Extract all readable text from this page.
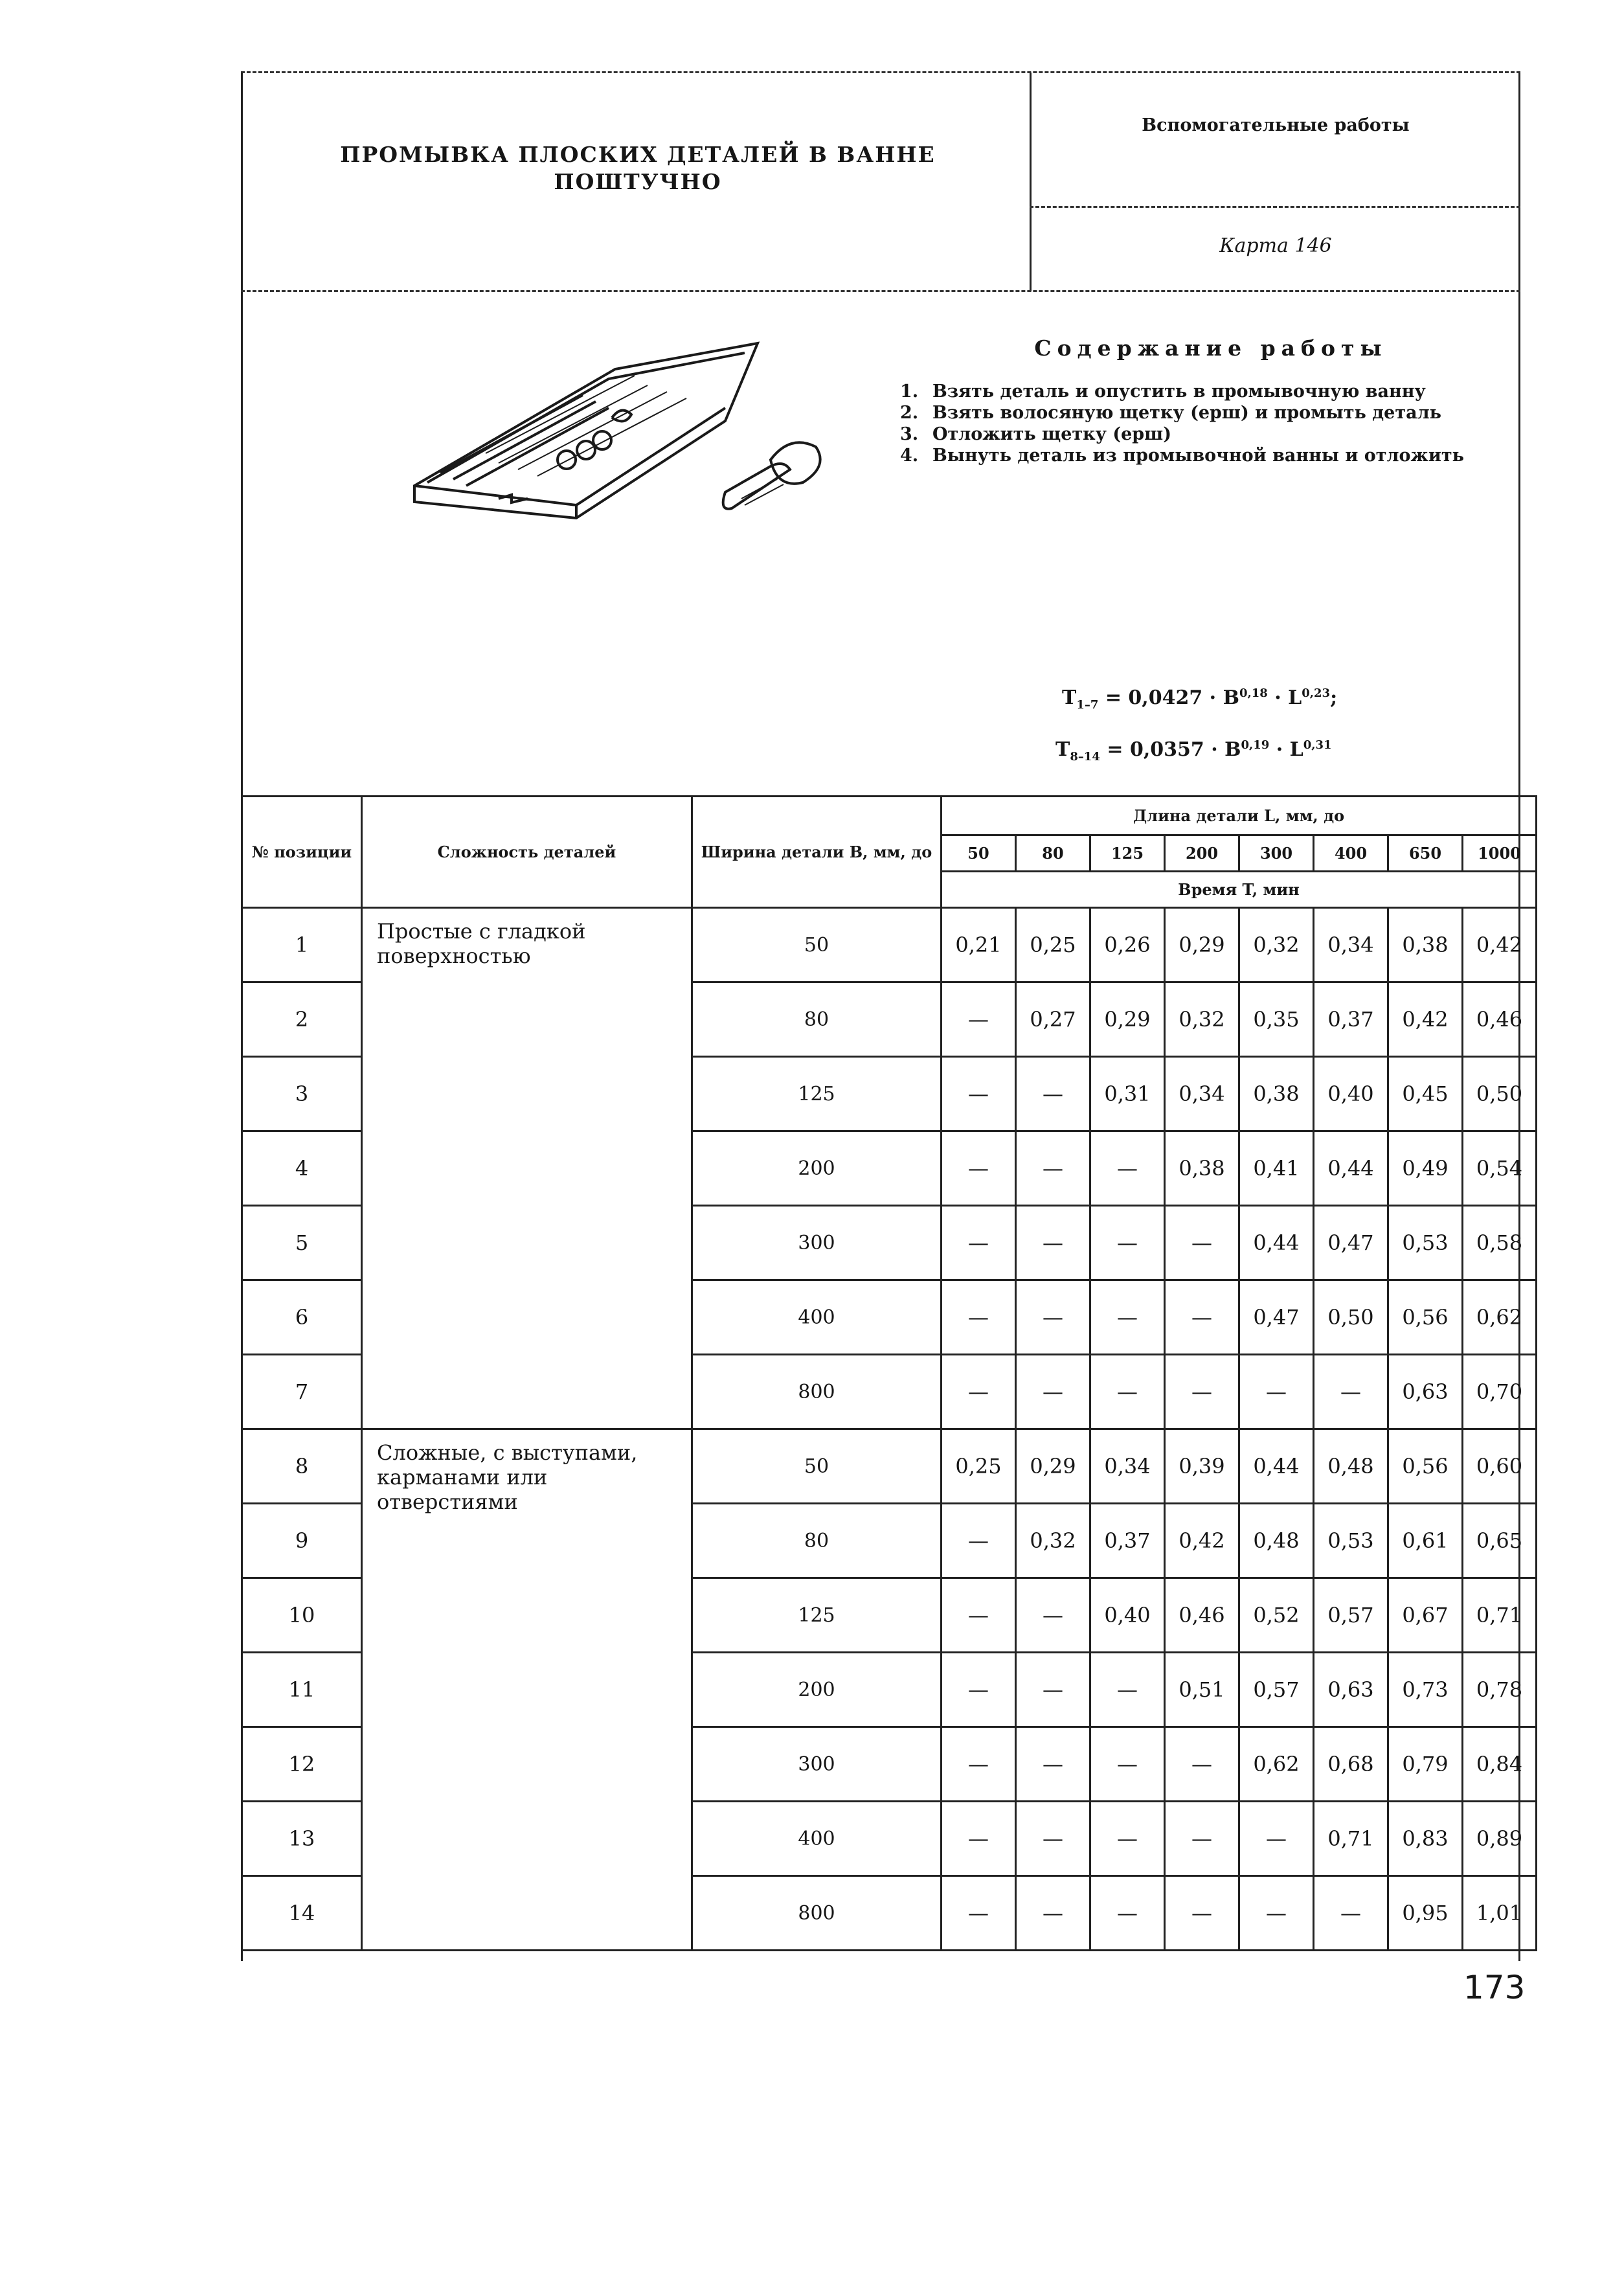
ПРОМЫВКА ПЛОСКИХ ДЕТАЛЕЙ В ВАННЕ ПОШТУЧНО
Вспомогательные работы
Карта 146
Содержание работы
1. Взять деталь и опустить в промывочную ванну
2. Взять волосяную щетку (ерш) и промыть деталь
3. Отложить щетку (ерш)
4. Вынуть деталь из промывочной ванны и отложить
$T_{1-7} = 0,0427 \cdot B^{0,18} \cdot L^{0,23}$;
$T_{8-14} = 0,0357 \cdot B^{0,19} \cdot L^{0,31}$
№ позиции	Сложность деталей	Ширина детали B, мм, до	Длина детали L, мм, до							
			50	80	125	200	300	400	650	1000
			Время T, мин							
1	Простые с гладкой поверхностью	50	0,21	0,25	0,26	0,29	0,32	0,34	0,38	0,42
2		80	—	0,27	0,29	0,32	0,35	0,37	0,42	0,46
3		125	—	—	0,31	0,34	0,38	0,40	0,45	0,50
4		200	—	—	—	0,38	0,41	0,44	0,49	0,54
5		300	—	—	—	—	0,44	0,47	0,53	0,58
6		400	—	—	—	—	0,47	0,50	0,56	0,62
7		800	—	—	—	—	—	—	0,63	0,70
8	Сложные, с выступами, карманами или отверстиями	50	0,25	0,29	0,34	0,39	0,44	0,48	0,56	0,60
9		80	—	0,32	0,37	0,42	0,48	0,53	0,61	0,65
10		125	—	—	0,40	0,46	0,52	0,57	0,67	0,71
11		200	—	—	—	0,51	0,57	0,63	0,73	0,78
12		300	—	—	—	—	0,62	0,68	0,79	0,84
13		400	—	—	—	—	—	0,71	0,83	0,89
14		800	—	—	—	—	—	—	0,95	1,01
173
